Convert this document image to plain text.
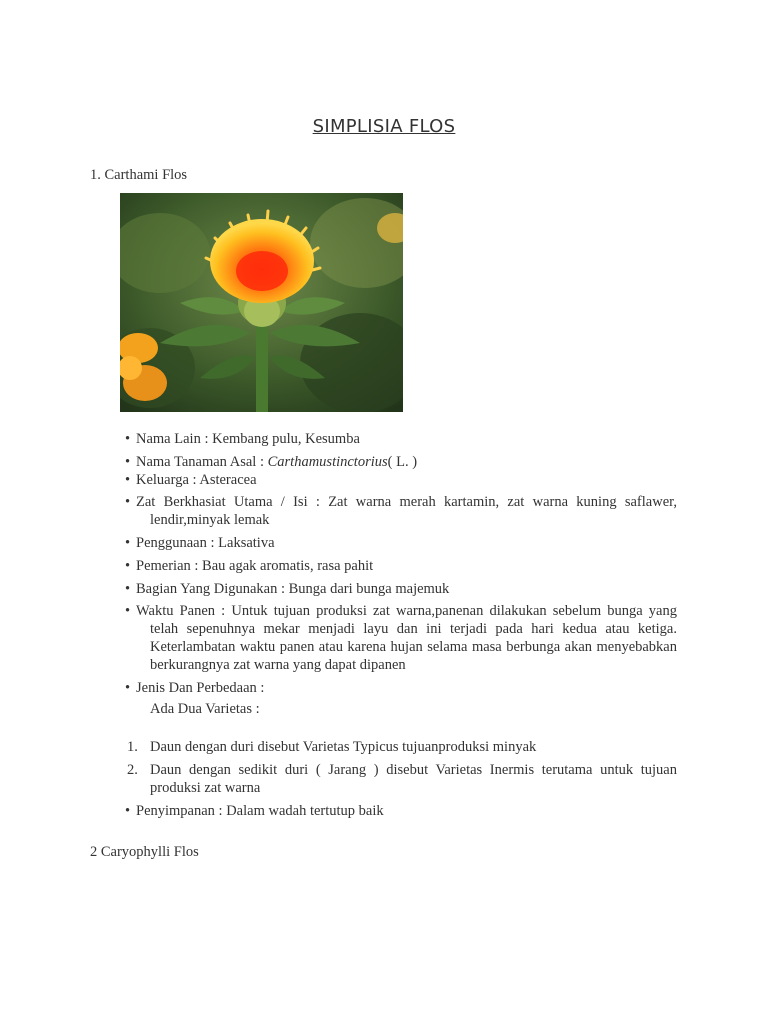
SIMPLISIA FLOS
1. Carthami Flos
• Nama Lain : Kembang pulu, Kesumba
• Nama Tanaman Asal : Carthamustinctorius( L. )
• Keluarga : Asteracea
• Zat Berkhasiat Utama / Isi : Zat warna merah kartamin, zat warna kuning saflawer,
lendir,minyak lemak
• Penggunaan : Laksativa
• Pemerian : Bau agak aromatis, rasa pahit
• Bagian Yang Digunakan : Bunga dari bunga majemuk
• Waktu Panen : Untuk tujuan produksi zat warna,panenan dilakukan sebelum bunga yang
telah sepenuhnya mekar menjadi layu dan ini terjadi pada hari kedua atau ketiga. Keterlambatan waktu panen atau karena hujan selama masa berbunga akan menyebabkan berkurangnya zat warna yang dapat dipanen
• Jenis Dan Perbedaan :
• Penyimpanan : Dalam wadah tertutup baik
Ada Dua Varietas :
1. Daun dengan duri disebut Varietas Typicus tujuanproduksi minyak
2. Daun dengan sedikit duri ( Jarang ) disebut Varietas Inermis terutama untuk tujuan produksi zat warna
2 Caryophylli Flos
